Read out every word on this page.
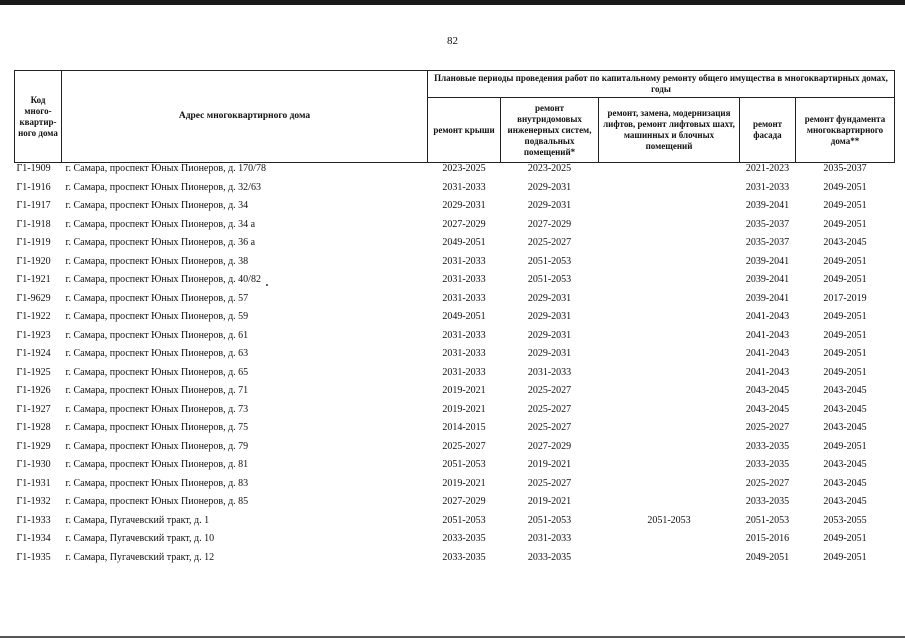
82
Код много-квартир-ного дома	Адрес многоквартирного дома	Плановые периоды проведения работ по капитальному ремонту общего имущества в многоквартирных домах, годы				
		ремонт крыши	ремонт внутридомовых инженерных систем, подвальных помещений*	ремонт, замена, модернизация лифтов, ремонт лифтовых шахт, машинных и блочных помещений	ремонт фасада	ремонт фундамента многоквартирного дома**
Г1-1909	г. Самара, проспект Юных Пионеров, д. 170/78	2023-2025	2023-2025		2021-2023	2035-2037
Г1-1916	г. Самара, проспект Юных Пионеров, д. 32/63	2031-2033	2029-2031		2031-2033	2049-2051
Г1-1917	г. Самара, проспект Юных Пионеров, д. 34	2029-2031	2029-2031		2039-2041	2049-2051
Г1-1918	г. Самара, проспект Юных Пионеров, д. 34 а	2027-2029	2027-2029		2035-2037	2049-2051
Г1-1919	г. Самара, проспект Юных Пионеров, д. 36 а	2049-2051	2025-2027		2035-2037	2043-2045
Г1-1920	г. Самара, проспект Юных Пионеров, д. 38	2031-2033	2051-2053		2039-2041	2049-2051
Г1-1921	г. Самара, проспект Юных Пионеров, д. 40/82	2031-2033	2051-2053		2039-2041	2049-2051
Г1-9629	г. Самара, проспект Юных Пионеров, д. 57	2031-2033	2029-2031		2039-2041	2017-2019
Г1-1922	г. Самара, проспект Юных Пионеров, д. 59	2049-2051	2029-2031		2041-2043	2049-2051
Г1-1923	г. Самара, проспект Юных Пионеров, д. 61	2031-2033	2029-2031		2041-2043	2049-2051
Г1-1924	г. Самара, проспект Юных Пионеров, д. 63	2031-2033	2029-2031		2041-2043	2049-2051
Г1-1925	г. Самара, проспект Юных Пионеров, д. 65	2031-2033	2031-2033		2041-2043	2049-2051
Г1-1926	г. Самара, проспект Юных Пионеров, д. 71	2019-2021	2025-2027		2043-2045	2043-2045
Г1-1927	г. Самара, проспект Юных Пионеров, д. 73	2019-2021	2025-2027		2043-2045	2043-2045
Г1-1928	г. Самара, проспект Юных Пионеров, д. 75	2014-2015	2025-2027		2025-2027	2043-2045
Г1-1929	г. Самара, проспект Юных Пионеров, д. 79	2025-2027	2027-2029		2033-2035	2049-2051
Г1-1930	г. Самара, проспект Юных Пионеров, д. 81	2051-2053	2019-2021		2033-2035	2043-2045
Г1-1931	г. Самара, проспект Юных Пионеров, д. 83	2019-2021	2025-2027		2025-2027	2043-2045
Г1-1932	г. Самара, проспект Юных Пионеров, д. 85	2027-2029	2019-2021		2033-2035	2043-2045
Г1-1933	г. Самара, Пугачевский тракт, д. 1	2051-2053	2051-2053	2051-2053	2051-2053	2053-2055
Г1-1934	г. Самара, Пугачевский тракт, д. 10	2033-2035	2031-2033		2015-2016	2049-2051
Г1-1935	г. Самара, Пугачевский тракт, д. 12	2033-2035	2033-2035		2049-2051	2049-2051
